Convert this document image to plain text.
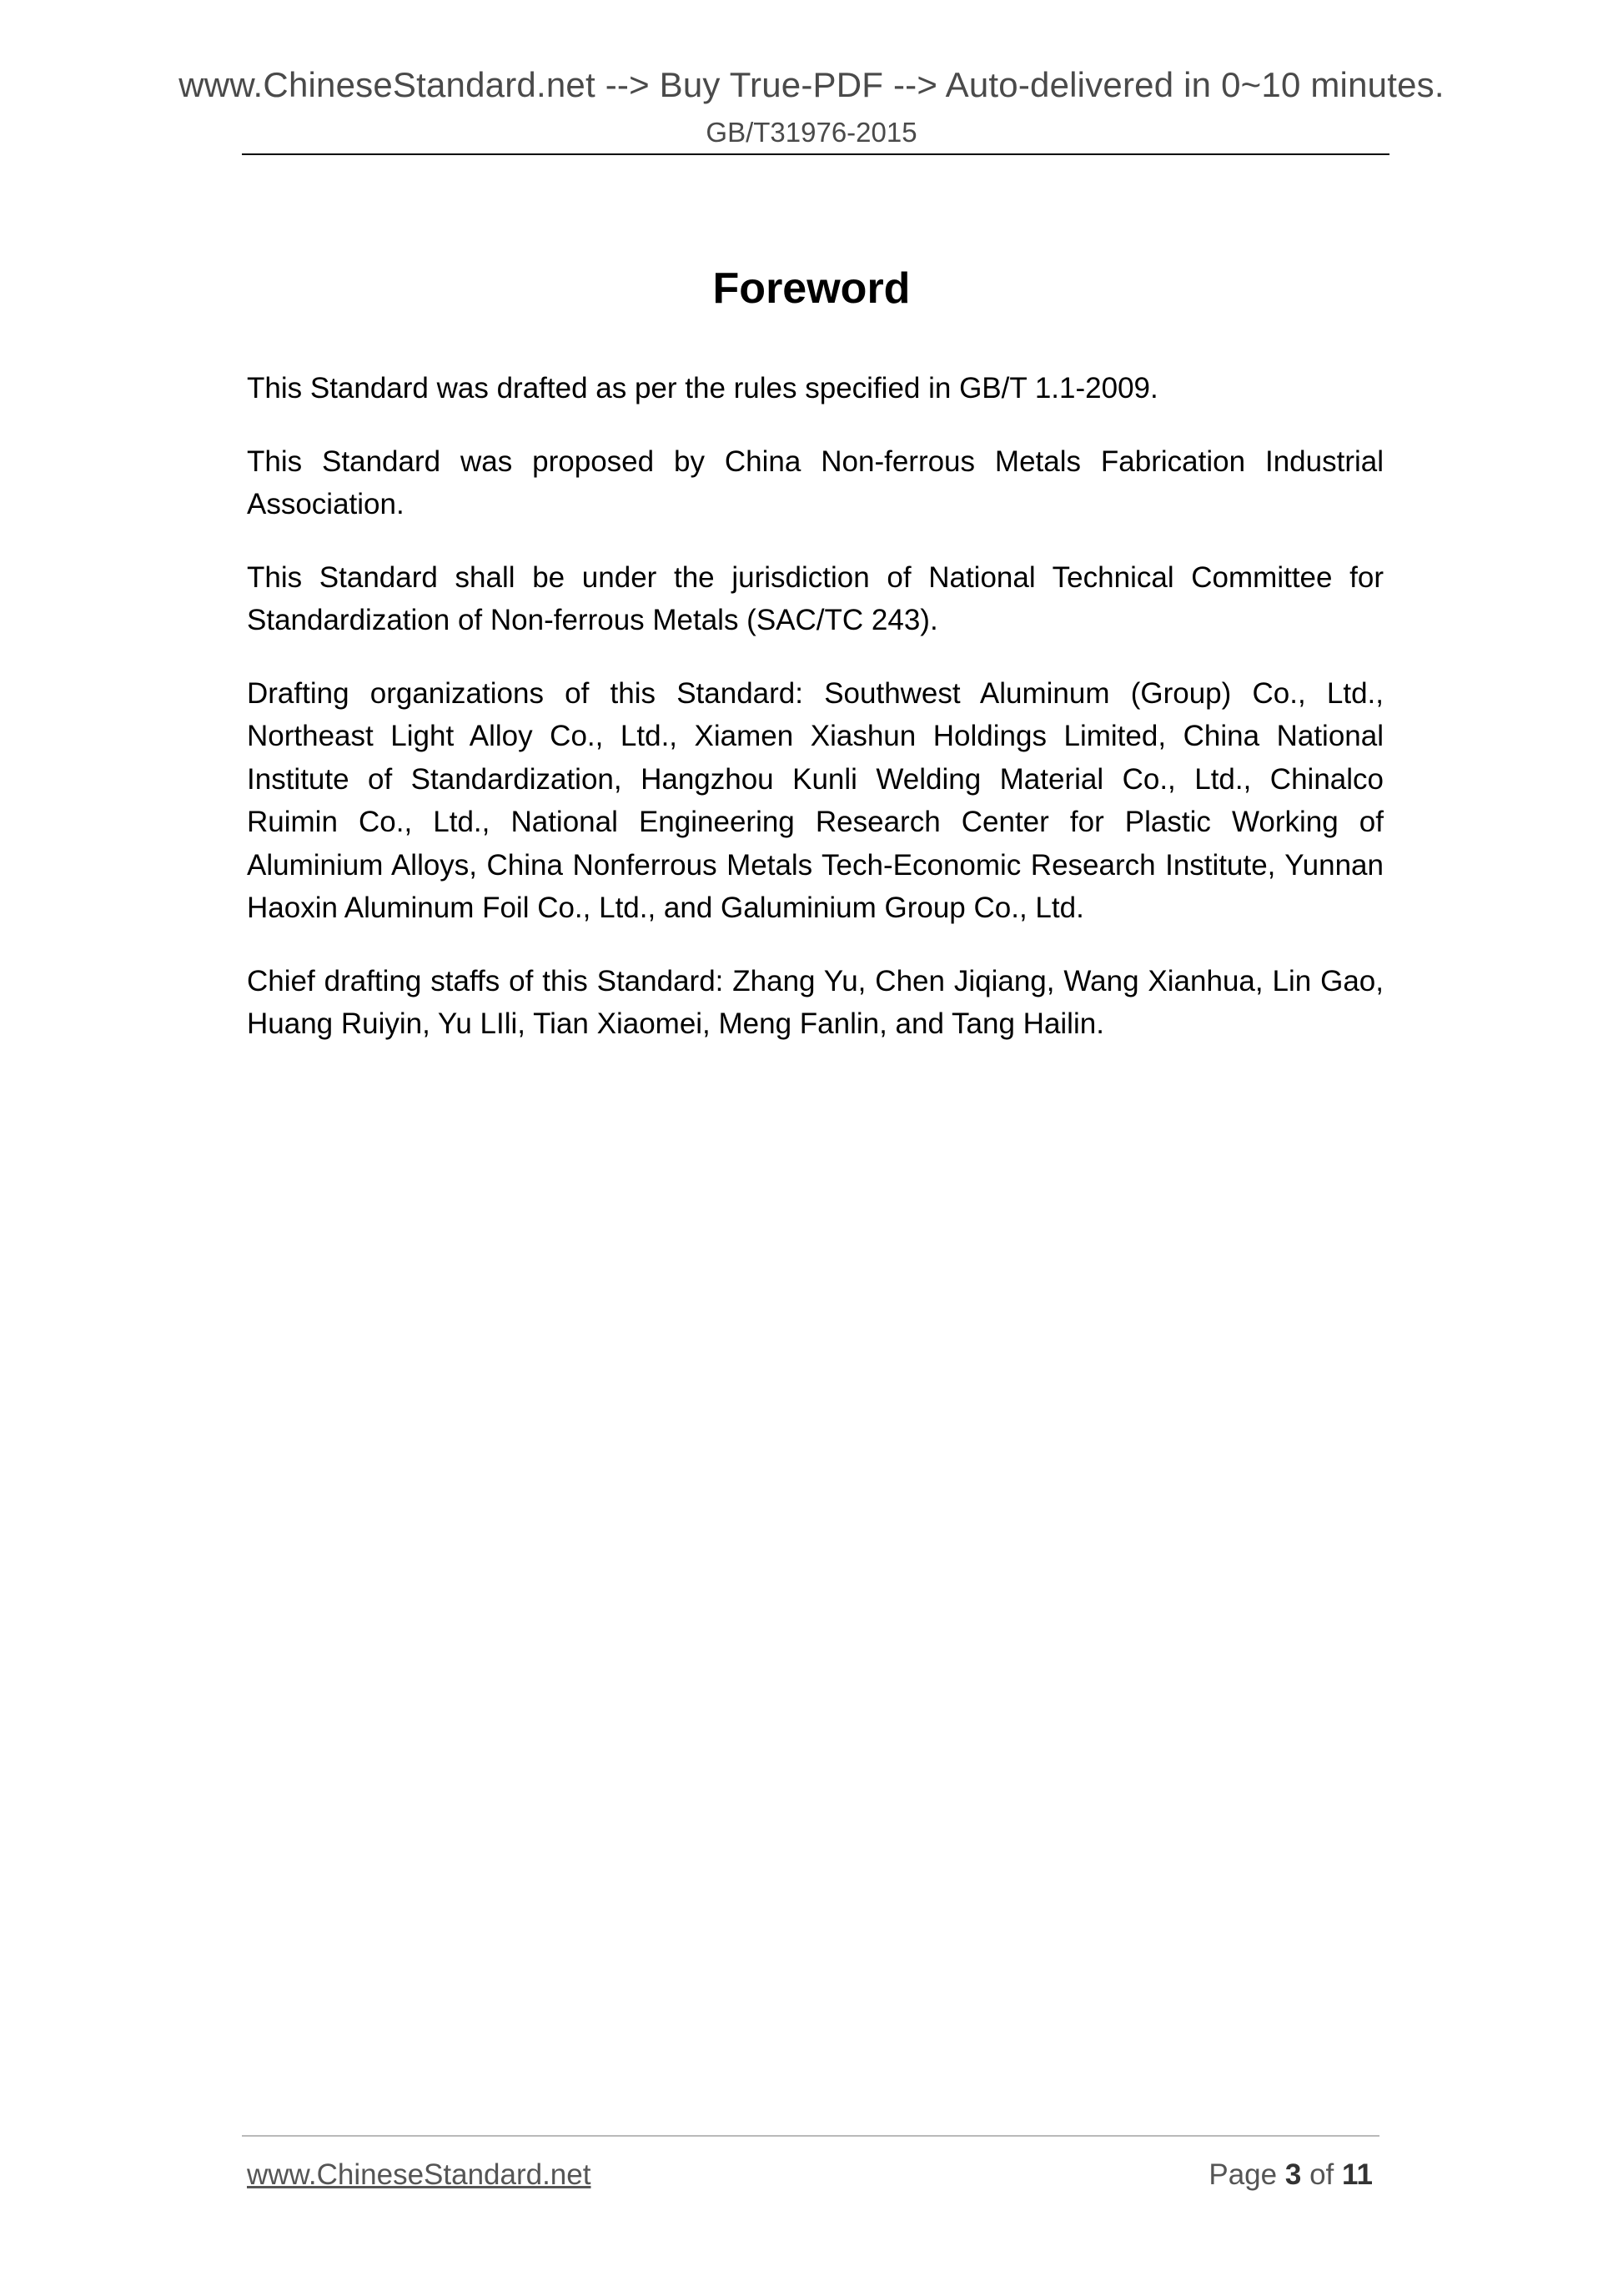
www.ChineseStandard.net --> Buy True-PDF --> Auto-delivered in 0~10 minutes.
GB/T31976-2015
Foreword

This Standard was drafted as per the rules specified in GB/T 1.1-2009.

This Standard was proposed by China Non-ferrous Metals Fabrication Industrial Association.

This Standard shall be under the jurisdiction of National Technical Committee for Standardization of Non-ferrous Metals (SAC/TC 243).

Drafting organizations of this Standard: Southwest Aluminum (Group) Co., Ltd., Northeast Light Alloy Co., Ltd., Xiamen Xiashun Holdings Limited, China National Institute of Standardization, Hangzhou Kunli Welding Material Co., Ltd., Chinalco Ruimin Co., Ltd., National Engineering Research Center for Plastic Working of Aluminium Alloys, China Nonferrous Metals Tech-Economic Research Institute, Yunnan Haoxin Aluminum Foil Co., Ltd., and Galuminium Group Co., Ltd.

Chief drafting staffs of this Standard: Zhang Yu, Chen Jiqiang, Wang Xianhua, Lin Gao, Huang Ruiyin, Yu LIli, Tian Xiaomei, Meng Fanlin, and Tang Hailin.

www.ChineseStandard.net	Page 3 of 11
